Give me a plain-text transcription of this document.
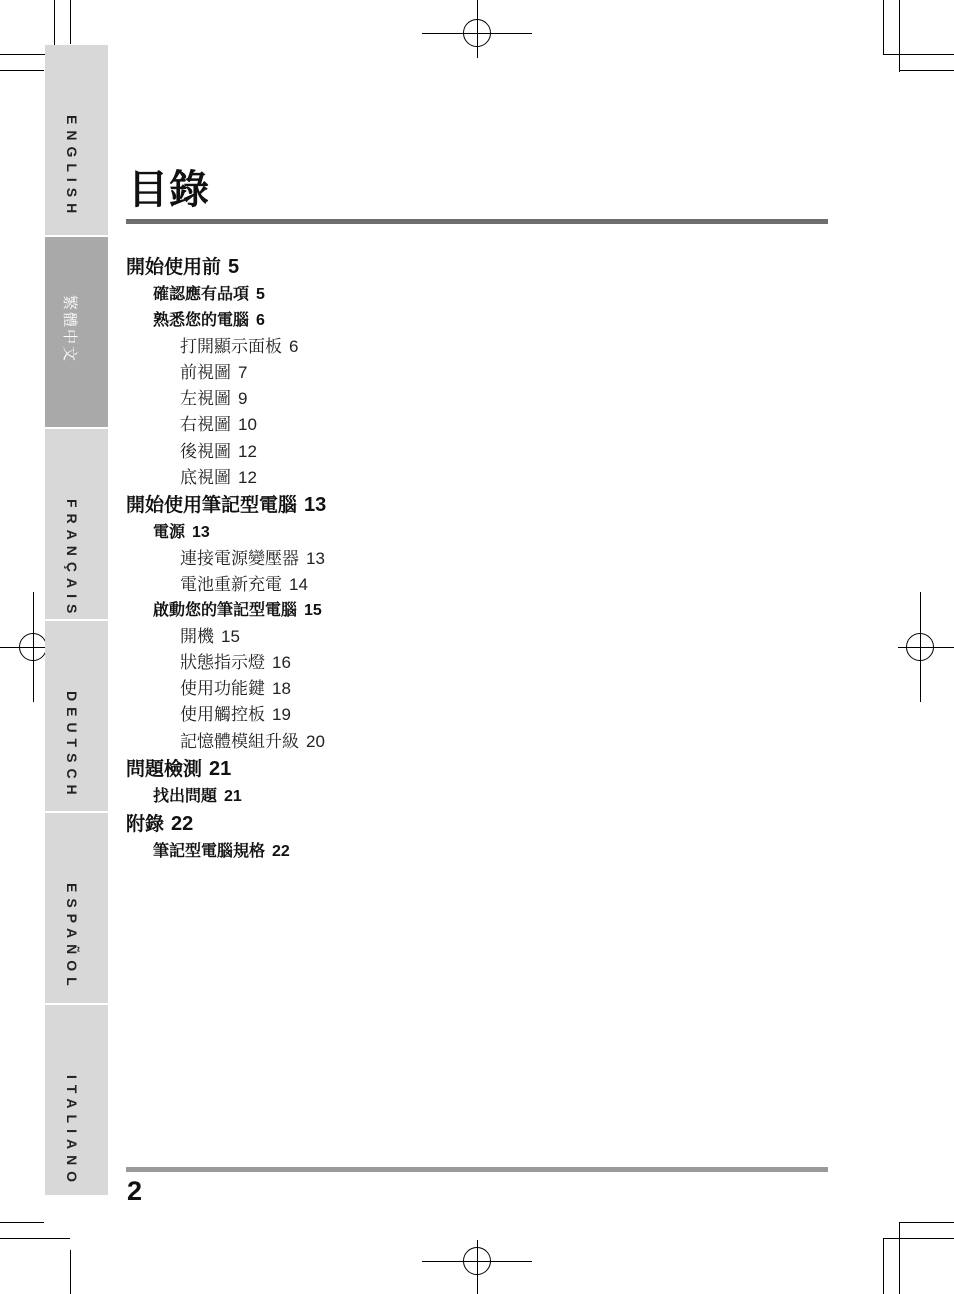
ENGLISH
繁體中文
FRANÇAIS
DEUTSCH
ESPAÑOL
ITALIANO
目錄
開始使用前 5
確認應有品項 5
熟悉您的電腦 6
打開顯示面板 6
前視圖 7
左視圖 9
右視圖 10
後視圖 12
底視圖 12
開始使用筆記型電腦 13
電源 13
連接電源變壓器 13
電池重新充電 14
啟動您的筆記型電腦 15
開機 15
狀態指示燈 16
使用功能鍵 18
使用觸控板 19
記憶體模組升級 20
問題檢測 21
找出問題 21
附錄 22
筆記型電腦規格 22
2
